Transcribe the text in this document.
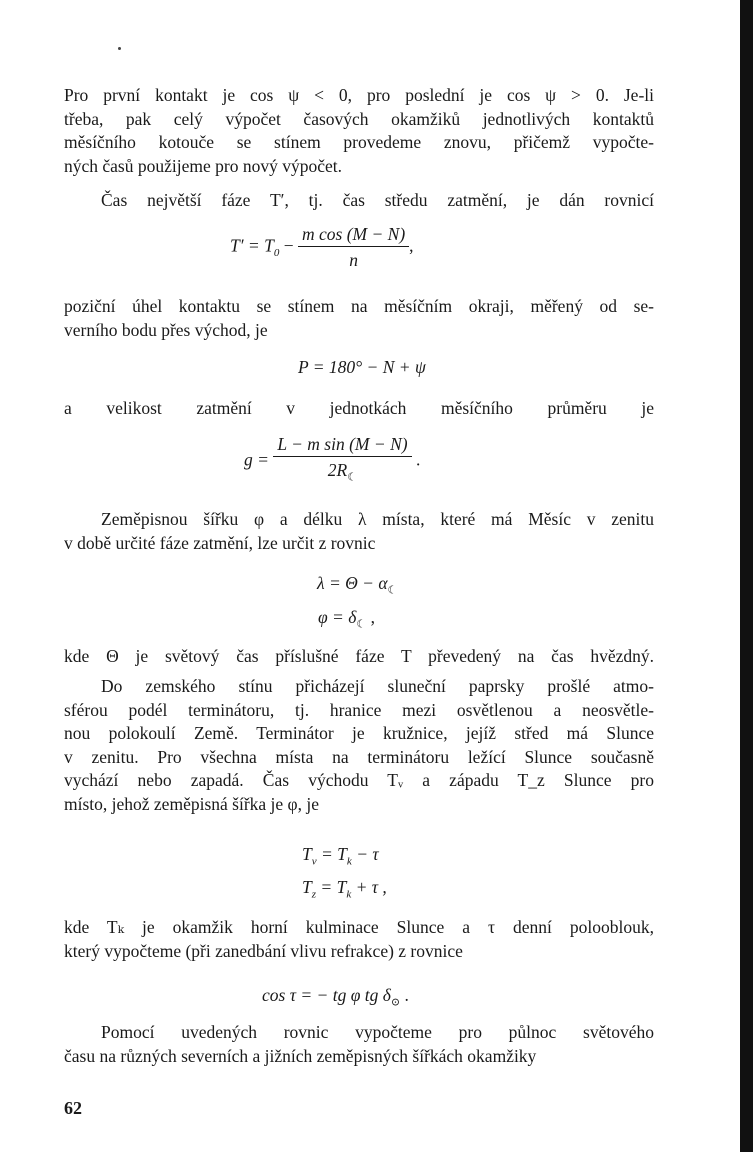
Pro první kontakt je cos ψ < 0, pro poslední je cos ψ > 0. Je-li
třeba, pak celý výpočet časových okamžiků jednotlivých kontaktů
měsíčního kotouče se stínem provedeme znovu, přičemž vypočte-
ných časů použijeme pro nový výpočet.

Čas největší fáze T′, tj. čas středu zatmění, je dán rovnicí

$T' = T_0 - \frac{\text{m cos (M − N)}}{n}$ ,

poziční úhel kontaktu se stínem na měsíčním okraji, měřený od se-
verního bodu přes východ, je

P = 180° − N + ψ

a velikost zatmění v jednotkách měsíčního průměru je

$g = \frac{\text{L − m sin (M − N)}}{2R_☾}$ .

Zeměpisnou šířku φ a délku λ místa, které má Měsíc v zenitu
v době určité fáze zatmění, lze určit z rovnic

$\lambda = \Theta - \alpha_☾$
$\varphi = \delta_☾$ ,

kde Θ je světový čas příslušné fáze T převedený na čas hvězdný.

Do zemského stínu přicházejí sluneční paprsky prošlé atmo-
sférou podél terminátoru, tj. hranice mezi osvětlenou a neosvětle-
nou polokoulí Země. Terminátor je kružnice, jejíž střed má Slunce
v zenitu. Pro všechna místa na terminátoru ležící Slunce současně
vychází nebo zapadá. Čas východu Tᵥ a západu T_z Slunce pro
místo, jehož zeměpisná šířka je φ, je

$T_v = T_k - \tau$
$T_z = T_k + \tau$ ,

kde Tₖ je okamžik horní kulminace Slunce a τ denní polooblouk,
který vypočteme (při zanedbání vlivu refrakce) z rovnice

cos τ = − tg φ tg $\delta_⊙$ .

Pomocí uvedených rovnic vypočteme pro půlnoc světového
času na různých severních a jižních zeměpisných šířkách okamžiky

62
